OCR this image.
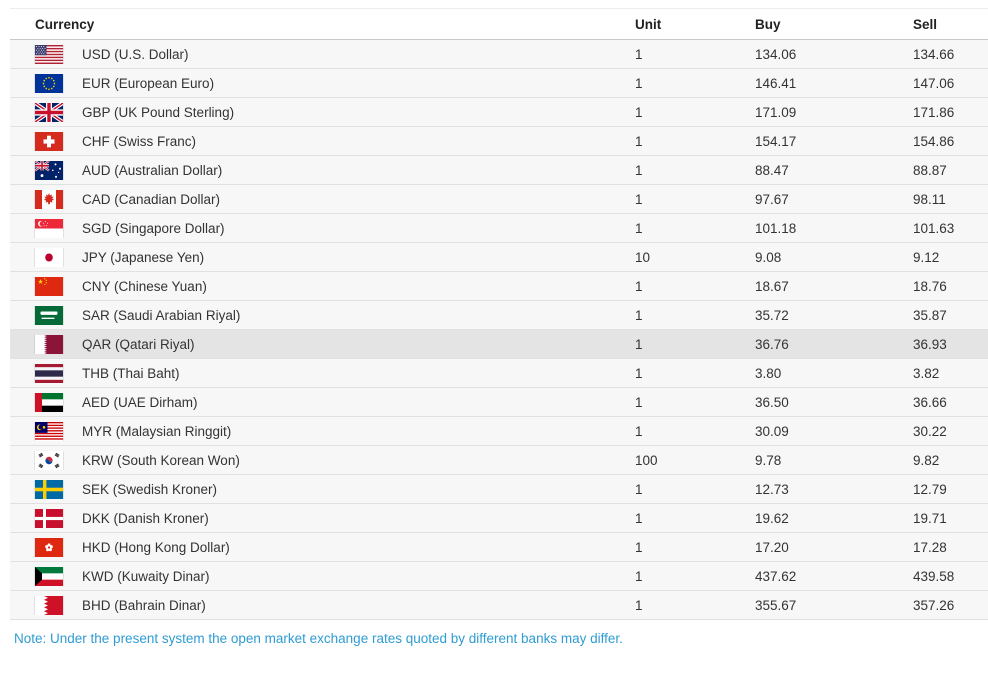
Currency	Unit	Buy	Sell
USD (U.S. Dollar)	1	134.06	134.66
EUR (European Euro)	1	146.41	147.06
GBP (UK Pound Sterling)	1	171.09	171.86
CHF (Swiss Franc)	1	154.17	154.86
AUD (Australian Dollar)	1	88.47	88.87
CAD (Canadian Dollar)	1	97.67	98.11
SGD (Singapore Dollar)	1	101.18	101.63
JPY (Japanese Yen)	10	9.08	9.12
CNY (Chinese Yuan)	1	18.67	18.76
SAR (Saudi Arabian Riyal)	1	35.72	35.87
QAR (Qatari Riyal)	1	36.76	36.93
THB (Thai Baht)	1	3.80	3.82
AED (UAE Dirham)	1	36.50	36.66
MYR (Malaysian Ringgit)	1	30.09	30.22
KRW (South Korean Won)	100	9.78	9.82
SEK (Swedish Kroner)	1	12.73	12.79
DKK (Danish Kroner)	1	19.62	19.71
HKD (Hong Kong Dollar)	1	17.20	17.28
KWD (Kuwaity Dinar)	1	437.62	439.58
BHD (Bahrain Dinar)	1	355.67	357.26
Note: Under the present system the open market exchange rates quoted by different banks may differ.
